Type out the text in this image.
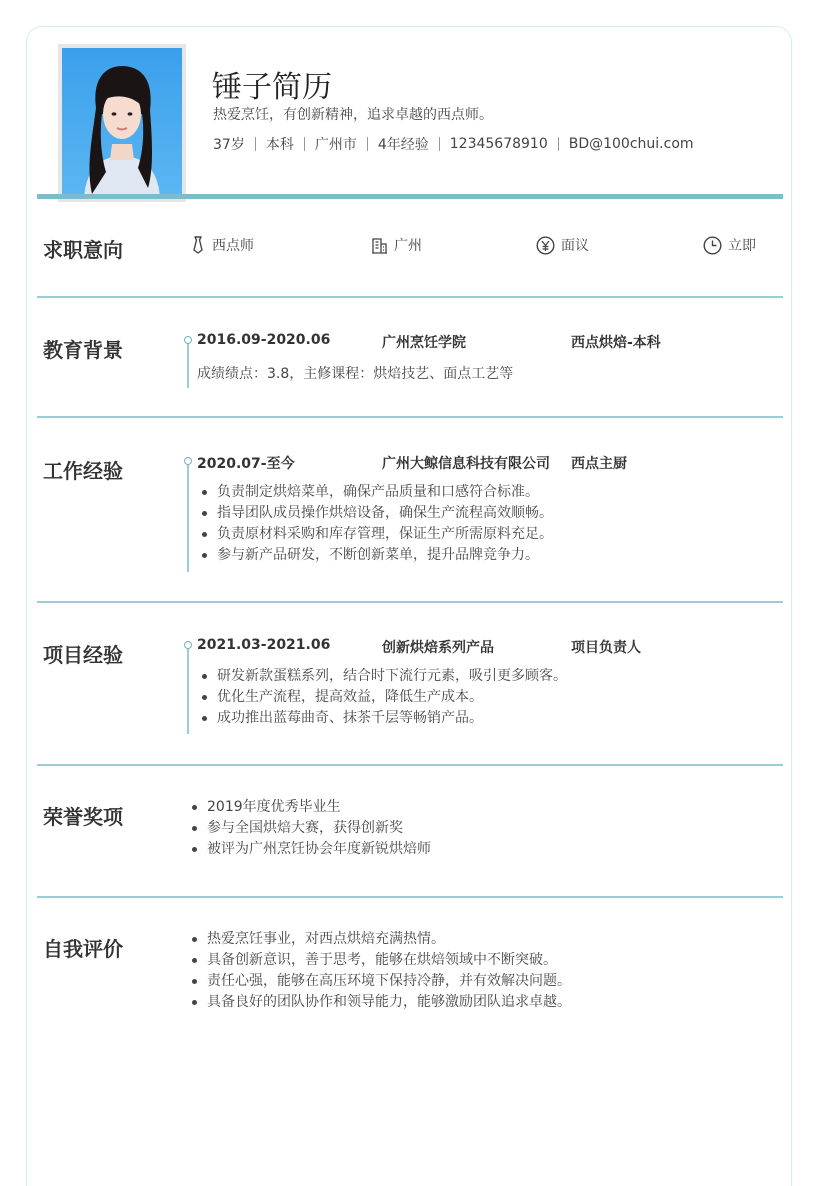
锤子简历
热爱烹饪，有创新精神，追求卓越的西点师。
37岁 本科 广州市 4年经验 12345678910 BD@100chui.com
求职意向	西点师	广州	面议	立即
教育背景	2016.09-2020.06	广州烹饪学院	西点烘焙-本科
成绩绩点：3.8，主修课程：烘焙技艺、面点工艺等
工作经验	2020.07-至今	广州大鲸信息科技有限公司 西点主厨
负责制定烘焙菜单，确保产品质量和口感符合标准。
指导团队成员操作烘焙设备，确保生产流程高效顺畅。
负责原材料采购和库存管理，保证生产所需原料充足。
参与新产品研发，不断创新菜单，提升品牌竞争力。
项目经验	2021.03-2021.06	创新烘焙系列产品	项目负责人
研发新款蛋糕系列，结合时下流行元素，吸引更多顾客。
优化生产流程，提高效益，降低生产成本。
成功推出蓝莓曲奇、抹茶千层等畅销产品。
荣誉奖项	2019年度优秀毕业生
参与全国烘焙大赛，获得创新奖
被评为广州烹饪协会年度新锐烘焙师
自我评价	热爱烹饪事业，对西点烘焙充满热情。
具备创新意识，善于思考，能够在烘焙领域中不断突破。
责任心强，能够在高压环境下保持冷静，并有效解决问题。
具备良好的团队协作和领导能力，能够激励团队追求卓越。
